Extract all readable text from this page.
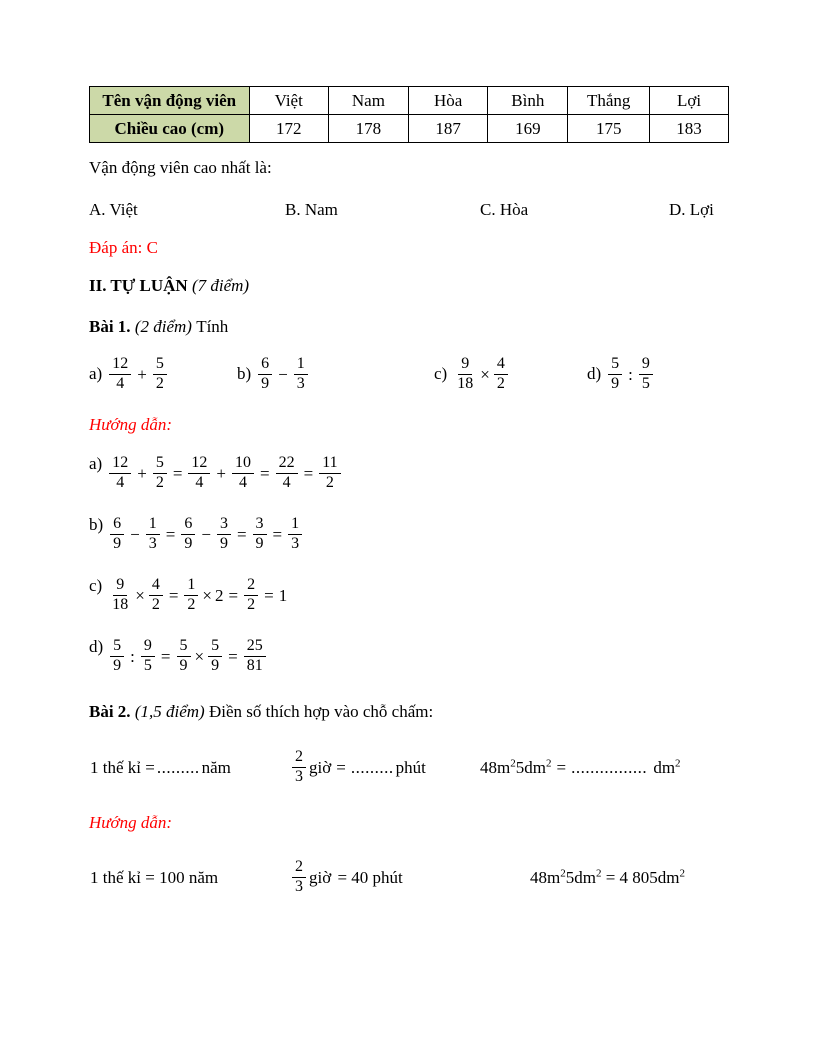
Tên vận động viên	Việt	Nam	Hòa	Bình	Thắng	Lợi
Chiều cao (cm)	172	178	187	169	175	183

Vận động viên cao nhất là:

A. Việt	B. Nam	C. Hòa	D. Lợi

Đáp án: C

II. TỰ LUẬN (7 điểm)

Bài 1. (2 điểm) Tính

$a) \frac{12}{4} + \frac{5}{2}$	$b) \frac{6}{9} - \frac{1}{3}$	$c) \frac{9}{18} \times \frac{4}{2}$	$d) \frac{5}{9}$ : $\frac{9}{5}$

Hướng dẫn:

$a) \frac{12}{4} + \frac{5}{2} = \frac{12}{4} + \frac{10}{4} = \frac{22}{4} = \frac{11}{2}$
$b) \frac{6}{9} - \frac{1}{3} = \frac{6}{9} - \frac{3}{9} = \frac{3}{9} = \frac{1}{3}$
$c) \frac{9}{18} \times \frac{4}{2} = \frac{1}{2} \times 2 = \frac{2}{2} = 1$
$d) \frac{5}{9}$ : $\frac{9}{5} = \frac{5}{9} \times \frac{5}{9} = \frac{25}{81}$

Bài 2. (1,5 điểm) Điền số thích hợp vào chỗ chấm:

1 thế kỉ = ......... năm	$\frac{2}{3}$ giờ = ......... phút	$48m^25dm^2$ = ................ $dm^2$

Hướng dẫn:

1 thế kỉ = 100 năm	$\frac{2}{3}$ giờ = 40 phút	$48m^25dm^2 = 4$ $805dm^2$
